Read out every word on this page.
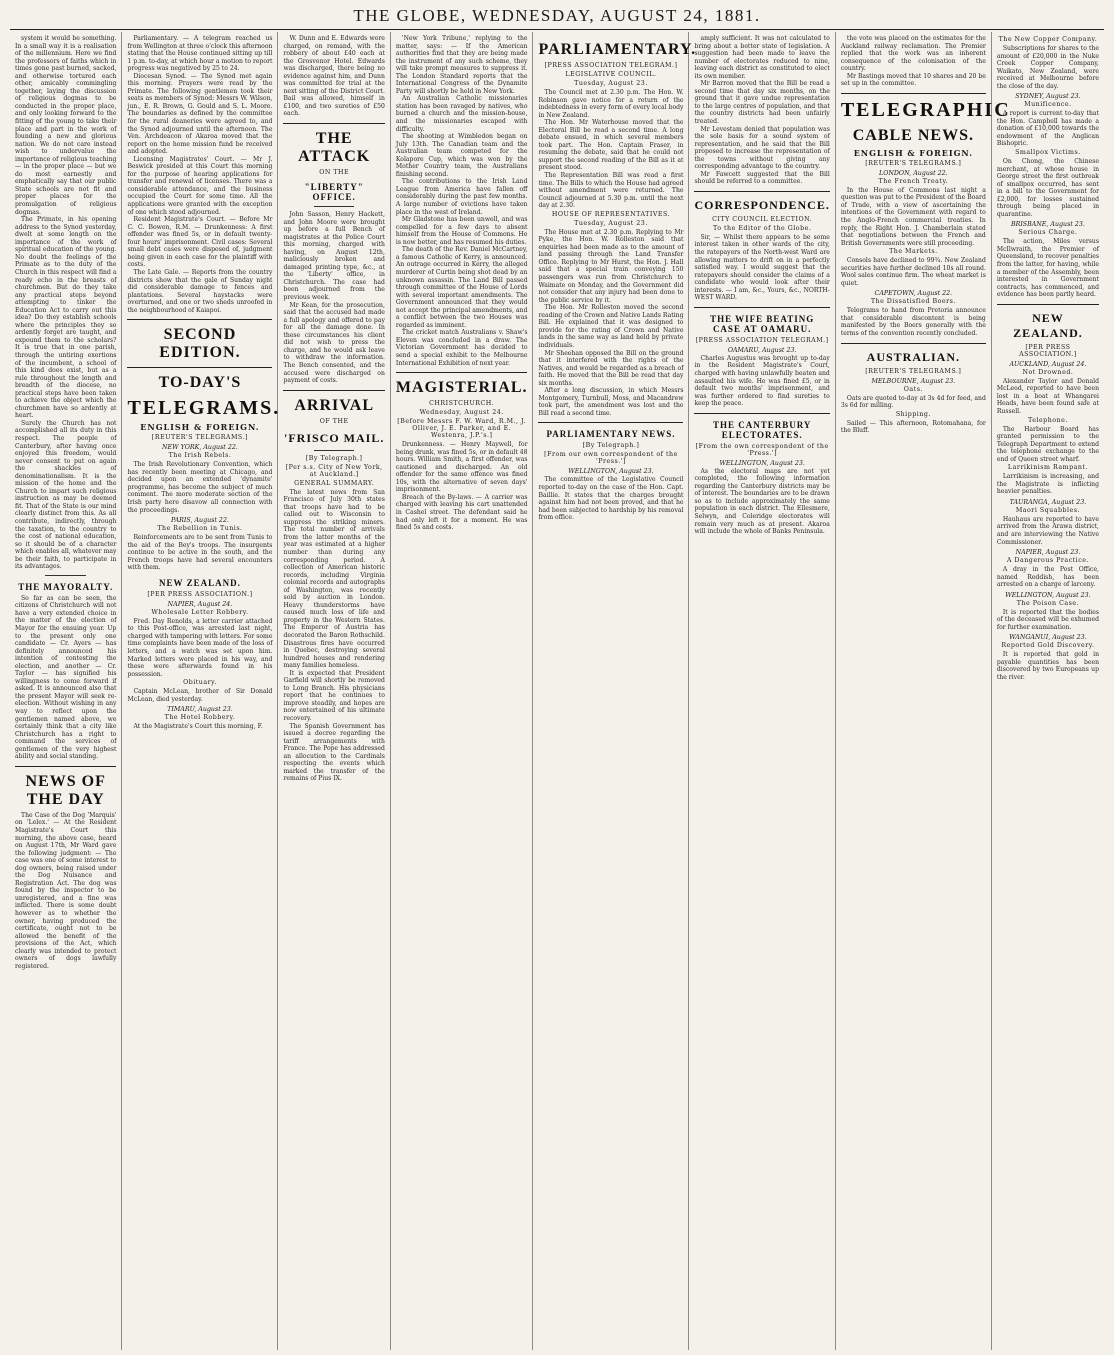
THE GLOBE, WEDNESDAY, AUGUST 24, 1881.

system it would be something. In a small way it is a realisation of the millennium. Here we find the professors of faiths which in times gone past burned, sacked, and otherwise tortured each other, amicably commingling together, laying the discussion of religious dogmas to be conducted in the proper place, and only looking forward to the fitting of the young to take their place and part in the work of founding a new and glorious nation. We do not care instead wish to undervalue the importance of religious teaching — in the proper place — but we do most earnestly and emphatically say that our public State schools are not fit and proper places for the promulgation of religious dogmas.

The Primate, in his opening address to the Synod yesterday, dwelt at some length on the importance of the work of spiritual education of the young. No doubt the feelings of the Primate as to the duty of the Church in this respect will find a ready echo in the breasts of churchmen. But do they take any practical steps beyond attempting to tinker the Education Act to carry out this idea? Do they establish schools where the principles they so ardently forget are taught, and expound them to the scholars? It is true that in one parish, through the untiring exertions of the incumbent, a school of this kind does exist, but as a rule throughout the length and breadth of the diocese, no practical steps have been taken to achieve the object which the churchmen have so ardently at heart.

Surely the Church has not accomplished all its duty in this respect. The people of Canterbury, after having once enjoyed this freedom, would never consent to put on again the shackles of denominationalism. It is the mission of the home and the Church to impart such religious instruction as may be deemed fit. That of the State is our mind clearly distinct from this. As all contribute, indirectly, through the taxation, to the country to the cost of national education, so it should be of a character which enables all, whatever may be their faith, to participate in its advantages.

THE MAYORALTY.

So far as can be seen, the citizens of Christchurch will not have a very extended choice in the matter of the election of Mayor for the ensuing year. Up to the present only one candidate — Cr. Ayers — has definitely announced his intention of contesting the election, and another — Cr. Taylor — has signified his willingness to come forward if asked. It is announced also that the present Mayor will seek re-election. Without wishing in any way to reflect upon the gentlemen named above, we certainly think that a city like Christchurch has a right to command the services of gentlemen of the very highest ability and social standing.

NEWS OF THE DAY

The Case of the Dog 'Marquis' on 'Lelex.' — At the Resident Magistrate's Court this morning, the above case, heard on August 17th, Mr Ward gave the following judgment: — The case was one of some interest to dog owners, being raised under the Dog Nuisance and Registration Act. The dog was found by the inspector to be unregistered, and a fine was inflicted. There is some doubt however as to whether the owner, having produced the certificate, ought not to be allowed the benefit of the provisions of the Act, which clearly was intended to protect owners of dogs lawfully registered.

Parliamentary. — A telegram reached us from Wellington at three o'clock this afternoon stating that the House continued sitting up till 1 p.m. to-day, at which hour a motion to report progress was negatived by 25 to 24.

Diocesan Synod. — The Synod met again this morning. Prayers were read by the Primate. The following gentlemen took their seats as members of Synod: Messrs W. Wilson, jun., E. R. Brown, G. Gould and S. L. Moore. The boundaries as defined by the committee for the rural deaneries were agreed to, and the Synod adjourned until the afternoon. The Ven. Archdeacon of Akaroa moved that the report on the home mission fund be received and adopted.

Licensing Magistrates' Court. — Mr J. Beswick presided at this Court this morning for the purpose of hearing applications for transfer and renewal of licenses. There was a considerable attendance, and the business occupied the Court for some time. All the applications were granted with the exception of one which stood adjourned.

Resident Magistrate's Court. — Before Mr C. C. Bowen, R.M. — Drunkenness: A first offender was fined 5s, or in default twenty-four hours' imprisonment. Civil cases: Several small debt cases were disposed of, judgment being given in each case for the plaintiff with costs.

The Late Gale. — Reports from the country districts show that the gale of Sunday night did considerable damage to fences and plantations. Several haystacks were overturned, and one or two sheds unroofed in the neighbourhood of Kaiapoi.

SECOND EDITION.
TO-DAY'S
TELEGRAMS.
ENGLISH & FOREIGN.
[REUTER'S TELEGRAMS.]
NEW YORK, August 22.
The Irish Rebels.

The Irish Revolutionary Convention, which has recently been meeting at Chicago, and decided upon an extended 'dynamite' programme, has become the subject of much comment. The more moderate section of the Irish party here disavow all connection with the proceedings.

PARIS, August 22.
The Rebellion in Tunis.

Reinforcements are to be sent from Tunis to the aid of the Bey's troops. The insurgents continue to be active in the south, and the French troops have had several encounters with them.

NEW ZEALAND.
[PER PRESS ASSOCIATION.]
NAPIER, August 24.
Wholesale Letter Robbery.

Fred. Day Renolds, a letter carrier attached to this Post-office, was arrested last night, charged with tampering with letters. For some time complaints have been made of the loss of letters, and a watch was set upon him. Marked letters were placed in his way, and these were afterwards found in his possession.

Obituary.

Captain McLean, brother of Sir Donald McLean, died yesterday.

TIMARU, August 23.
The Hotel Robbery.

At the Magistrate's Court this morning, F.

W. Dunn and E. Edwards were charged, on remand, with the robbery of about £40 each at the Grosvenor Hotel. Edwards was discharged, there being no evidence against him, and Dunn was committed for trial at the next sitting of the District Court. Bail was allowed, himself in £100, and two sureties of £50 each.

THE ATTACK
ON THE
"LIBERTY" OFFICE.

John Sasson, Henry Hackett, and John Moore were brought up before a full Bench of magistrates at the Police Court this morning, charged with having, on August 12th, maliciously broken and damaged printing type, &c., at the 'Liberty' office, in Christchurch. The case had been adjourned from the previous week.

Mr Kean, for the prosecution, said that the accused had made a full apology and offered to pay for all the damage done. In these circumstances his client did not wish to press the charge, and he would ask leave to withdraw the information. The Bench consented, and the accused were discharged on payment of costs.

ARRIVAL
OF THE
'FRISCO MAIL.
[By Telegraph.]
[Per s.s. City of New York, at Auckland.]
GENERAL SUMMARY.

The latest news from San Francisco of July 30th states that troops have had to be called out to Wisconsin to suppress the striking miners. The total number of arrivals from the latter months of the year was estimated at a higher number than during any corresponding period. A collection of American historic records, including Virginia colonial records and autographs of Washington, was recently sold by auction in London. Heavy thunderstorms have caused much loss of life and property in the Western States. The Emperor of Austria has decorated the Baron Rothschild. Disastrous fires have occurred in Quebec, destroying several hundred houses and rendering many families homeless.

It is expected that President Garfield will shortly be removed to Long Branch. His physicians report that he continues to improve steadily, and hopes are now entertained of his ultimate recovery.

The Spanish Government has issued a decree regarding the tariff arrangements with France. The Pope has addressed an allocution to the Cardinals respecting the events which marked the transfer of the remains of Pius IX.

'New York Tribune,' replying to the matter, says: — If the American authorities find that they are being made the instrument of any such scheme, they will take prompt measures to suppress it. The London Standard reports that the International Congress of the Dynamite Party will shortly be held in New York.

An Australian Catholic missionaries station has been ravaged by natives, who burned a church and the mission-house, and the missionaries escaped with difficulty.

The shooting at Wimbledon began on July 13th. The Canadian team and the Australian team competed for the Kolapore Cup, which was won by the Mother Country team, the Australians finishing second.

The contributions to the Irish Land League from America have fallen off considerably during the past few months. A large number of evictions have taken place in the west of Ireland.

Mr Gladstone has been unwell, and was compelled for a few days to absent himself from the House of Commons. He is now better, and has resumed his duties.

The death of the Rev. Daniel McCartney, a famous Catholic of Kerry, is announced. An outrage occurred in Kerry, the alleged murderer of Curtin being shot dead by an unknown assassin. The Land Bill passed through committee of the House of Lords with several important amendments. The Government announced that they would not accept the principal amendments, and a conflict between the two Houses was regarded as imminent.

The cricket match Australians v. Shaw's Eleven was concluded in a draw. The Victorian Government has decided to send a special exhibit to the Melbourne International Exhibition of next year.

MAGISTERIAL.
CHRISTCHURCH.
Wednesday, August 24.
[Before Messrs F. W. Ward, R.M., J. Olliver, J. E. Parker, and E. Westenra, J.P.'s.]

Drunkenness. — Henry Maywell, for being drunk, was fined 5s, or in default 48 hours. William Smith, a first offender, was cautioned and discharged. An old offender for the same offence was fined 10s, with the alternative of seven days' imprisonment.

Breach of the By-laws. — A carrier was charged with leaving his cart unattended in Cashel street. The defendant said he had only left it for a moment. He was fined 5s and costs.

PARLIAMENTARY.
[PRESS ASSOCIATION TELEGRAM.]
LEGISLATIVE COUNCIL.
Tuesday, August 23.

The Council met at 2.30 p.m. The Hon. W. Robinson gave notice for a return of the indebtedness in every form of every local body in New Zealand.

The Hon. Mr Waterhouse moved that the Electoral Bill be read a second time. A long debate ensued, in which several members took part. The Hon. Captain Fraser, in resuming the debate, said that he could not support the second reading of the Bill as it at present stood.

The Representation Bill was read a first time. The Bills to which the House had agreed without amendment were returned. The Council adjourned at 5.30 p.m. until the next day at 2.30.

HOUSE OF REPRESENTATIVES.
Tuesday, August 23.

The House met at 2.30 p.m. Replying to Mr Pyke, the Hon. W. Rolleston said that enquiries had been made as to the amount of land passing through the Land Transfer Office. Replying to Mr Hurst, the Hon. J. Hall said that a special train conveying 150 passengers was run from Christchurch to Waimate on Monday, and the Government did not consider that any injury had been done to the public service by it.

The Hon. Mr Rolleston moved the second reading of the Crown and Native Lands Rating Bill. He explained that it was designed to provide for the rating of Crown and Native lands in the same way as land held by private individuals.

Mr Sheehan opposed the Bill on the ground that it interfered with the rights of the Natives, and would be regarded as a breach of faith. He moved that the Bill be read that day six months.

After a long discussion, in which Messrs Montgomery, Turnbull, Moss, and Macandrew took part, the amendment was lost and the Bill read a second time.

PARLIAMENTARY NEWS.
[By Telegraph.]
[From our own correspondent of the 'Press.']
WELLINGTON, August 23.

The committee of the Legislative Council reported to-day on the case of the Hon. Capt. Baillie. It states that the charges brought against him had not been proved, and that he had been subjected to hardship by his removal from office.

amply sufficient. It was not calculated to bring about a better state of legislation. A suggestion had been made to leave the number of electorates reduced to nine, leaving each district as constituted to elect its own member.

Mr Barron moved that the Bill be read a second time that day six months, on the ground that it gave undue representation to the large centres of population, and that the country districts had been unfairly treated.

Mr Levestam denied that population was the sole basis for a sound system of representation, and he said that the Bill proposed to increase the representation of the towns without giving any corresponding advantage to the country.

Mr Fawcett suggested that the Bill should be referred to a committee.

CORRESPONDENCE.
CITY COUNCIL ELECTION.
To the Editor of the Globe.

Sir, — Whilst there appears to be some interest taken in other wards of the city, the ratepayers of the North-west Ward are allowing matters to drift on in a perfectly satisfied way. I would suggest that the ratepayers should consider the claims of a candidate who would look after their interests. — I am, &c., Yours, &c., NORTH-WEST WARD.

THE WIFE BEATING CASE AT OAMARU.
[PRESS ASSOCIATION TELEGRAM.]
OAMARU, August 23.

Charles Augustus was brought up to-day in the Resident Magistrate's Court, charged with having unlawfully beaten and assaulted his wife. He was fined £5, or in default two months' imprisonment, and was further ordered to find sureties to keep the peace.

THE CANTERBURY ELECTORATES.
[From the own correspondent of the 'Press.']
WELLINGTON, August 23.

As the electoral maps are not yet completed, the following information regarding the Canterbury districts may be of interest. The boundaries are to be drawn so as to include approximately the same population in each district. The Ellesmere, Selwyn, and Coleridge electorates will remain very much as at present. Akaroa will include the whole of Banks Peninsula.

the vote was placed on the estimates for the Auckland railway reclamation. The Premier replied that the work was an inherent consequence of the colonisation of the country.

Mr Bastings moved that 10 shares and 20 be set up in the committee.

TELEGRAPHIC
CABLE NEWS.
ENGLISH & FOREIGN.
[REUTER'S TELEGRAMS.]
LONDON, August 22.
The French Treaty.

In the House of Commons last night a question was put to the President of the Board of Trade, with a view of ascertaining the intentions of the Government with regard to the Anglo-French commercial treaties. In reply, the Right Hon. J. Chamberlain stated that negotiations between the French and British Governments were still proceeding.

The Markets.

Consols have declined to 99¾. New Zealand securities have further declined 10s all round. Wool sales continue firm. The wheat market is quiet.

CAPETOWN, August 22.
The Dissatisfied Boers.

Telegrams to hand from Pretoria announce that considerable discontent is being manifested by the Boers generally with the terms of the convention recently concluded.

AUSTRALIAN.
[REUTER'S TELEGRAMS.]
MELBOURNE, August 23.
Oats.

Oats are quoted to-day at 3s 4d for feed, and 3s 6d for milling.

Shipping.

Sailed — This afternoon, Rotomahana, for the Bluff.

The New Copper Company.

Subscriptions for shares to the amount of £20,000 in the Nuke Creek Copper Company, Waikato, New Zealand, were received at Melbourne before the close of the day.

SYDNEY, August 23.
Munificence.

A report is current to-day that the Hon. Campbell has made a donation of £10,000 towards the endowment of the Anglican Bishopric.

Smallpox Victims.

On Chong, the Chinese merchant, at whose house in George street the first outbreak of smallpox occurred, has sent in a bill to the Government for £2,000, for losses sustained through being placed in quarantine.

BRISBANE, August 23.
Serious Charge.

The action, Miles versus McIlwraith, the Premier of Queensland, to recover penalties from the latter, for having, while a member of the Assembly, been interested in Government contracts, has commenced, and evidence has been partly heard.

NEW ZEALAND.
[PER PRESS ASSOCIATION.]
AUCKLAND, August 24.
Not Drowned.

Alexander Taylor and Donald McLeod, reported to have been lost in a boat at Whangarei Heads, have been found safe at Russell.

Telephone.

The Harbour Board has granted permission to the Telegraph Department to extend the telephone exchange to the end of Queen street wharf.

Larrikinism Rampant.

Larrikinism is increasing, and the Magistrate is inflicting heavier penalties.

TAURANGA, August 23.
Maori Squabbles.

Hauhaus are reported to have arrived from the Arawa district, and are interviewing the Native Commissioner.

NAPIER, August 23.
A Dangerous Practice.

A dray in the Post Office, named Reddish, has been arrested on a charge of larceny.

WELLINGTON, August 23.
The Poison Case.

It is reported that the bodies of the deceased will be exhumed for further examination.

WANGANUI, August 23.
Reported Gold Discovery.

It is reported that gold in payable quantities has been discovered by two Europeans up the river.
